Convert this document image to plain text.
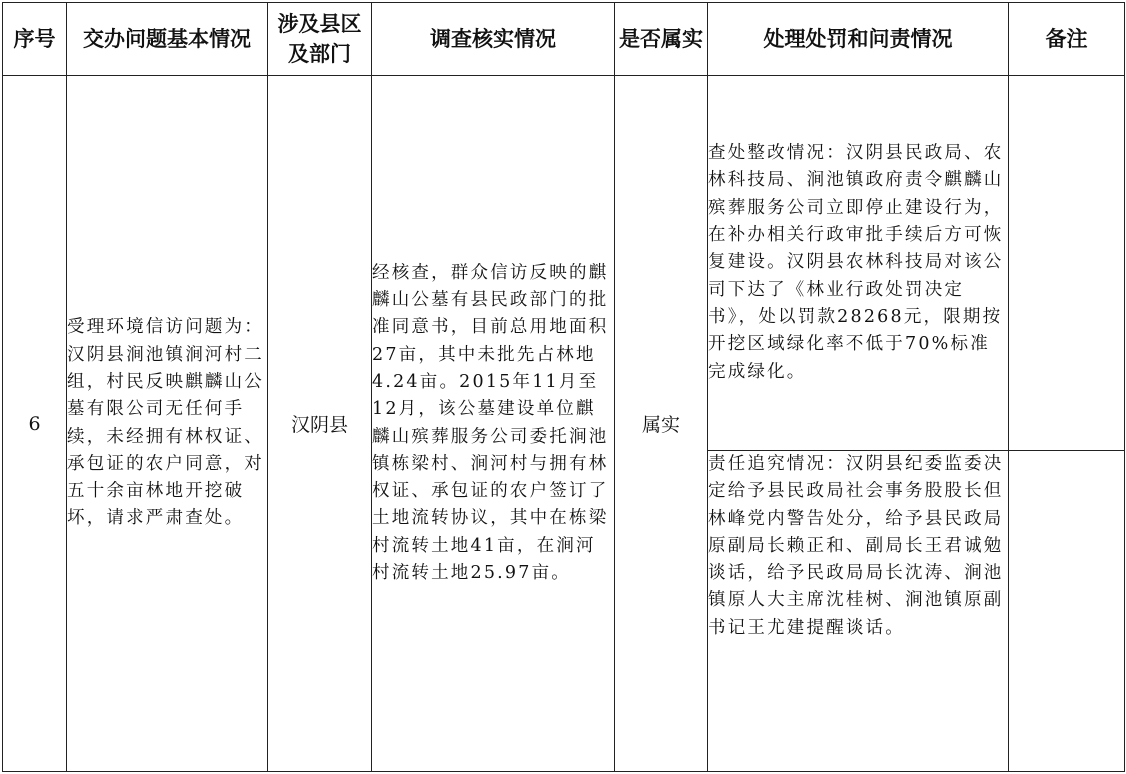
序号	交办问题基本情况	涉及县区及部门	调查核实情况	是否属实	处理处罚和问责情况	备注
6	受理环境信访问题为：汉阴县涧池镇涧河村二组，村民反映麒麟山公墓有限公司无任何手续，未经拥有林权证、承包证的农户同意，对五十余亩林地开挖破坏，请求严肃查处。	汉阴县	经核查，群众信访反映的麒麟山公墓有县民政部门的批准同意书，目前总用地面积27亩，其中未批先占林地4.24亩。2015年11月至12月，该公墓建设单位麒麟山殡葬服务公司委托涧池镇栋梁村、涧河村与拥有林权证、承包证的农户签订了土地流转协议，其中在栋梁村流转土地41亩，在涧河村流转土地25.97亩。	属实	查处整改情况：汉阴县民政局、农林科技局、涧池镇政府责令麒麟山殡葬服务公司立即停止建设行为，在补办相关行政审批手续后方可恢复建设。汉阴县农林科技局对该公司下达了《林业行政处罚决定书》，处以罚款28268元，限期按开挖区域绿化率不低于70%标准完成绿化。	
					责任追究情况：汉阴县纪委监委决定给予县民政局社会事务股股长但林峰党内警告处分，给予县民政局原副局长赖正和、副局长王君诚勉谈话，给予民政局局长沈涛、涧池镇原人大主席沈桂树、涧池镇原副书记王尤建提醒谈话。	
